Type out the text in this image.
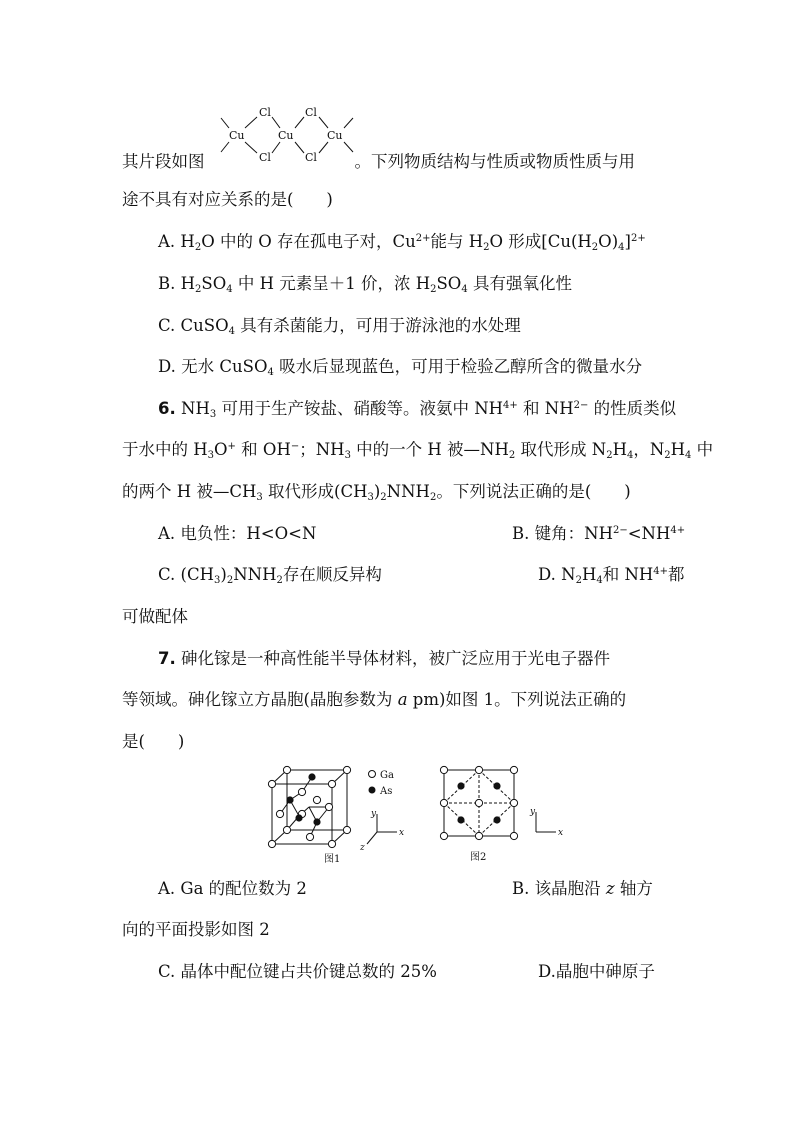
Cl	Cl
Cu	Cu	Cu
Cl	Cl
其片段如图	。下列物质结构与性质或物质性质与用
途不具有对应关系的是(　　)
A. $H_2O$ 中的 O 存在孤电子对，$Cu^{2+}$能与 $H_2O$ 形成$[Cu(H_2O)_4]^{2+}$
B. $H_2SO_4$ 中 H 元素呈＋1 价，浓 $H_2SO_4$ 具有强氧化性
C. CuSO$_4$ 具有杀菌能力，可用于游泳池的水处理
D. 无水 CuSO$_4$ 吸水后显现蓝色，可用于检验乙醇所含的微量水分
6. $NH_3$ 可用于生产铵盐、硝酸等。液氨中 $NH^{4+}$ 和 $NH^{2-}$ 的性质类似
于水中的 $H_3O^+$ 和 OH−；$NH_3$ 中的一个 H 被$—NH_2$ 取代形成 $N_2H_4$，$N_2H_4$ 中
的两个 H 被$—CH_3$ 取代形成$(CH_3)_2NNH_2$。下列说法正确的是(　　)
A. 电负性：H<O<N	B. 键角：$NH^{2-}<NH^{4+}$
C. $(CH_3)_2NNH_2$存在顺反异构	D. $N_2H_4$和 $NH^{4+}$都
可做配体
7. 砷化镓是一种高性能半导体材料，被广泛应用于光电子器件
等领域。砷化镓立方晶胞(晶胞参数为 a pm)如图 1。下列说法正确的
是(　　)
Ga
As
y
x
z
图1
y
x
图2
A. Ga 的配位数为 2	B. 该晶胞沿 z 轴方
向的平面投影如图 2
C. 晶体中配位键占共价键总数的 25%	D.晶胞中砷原子
